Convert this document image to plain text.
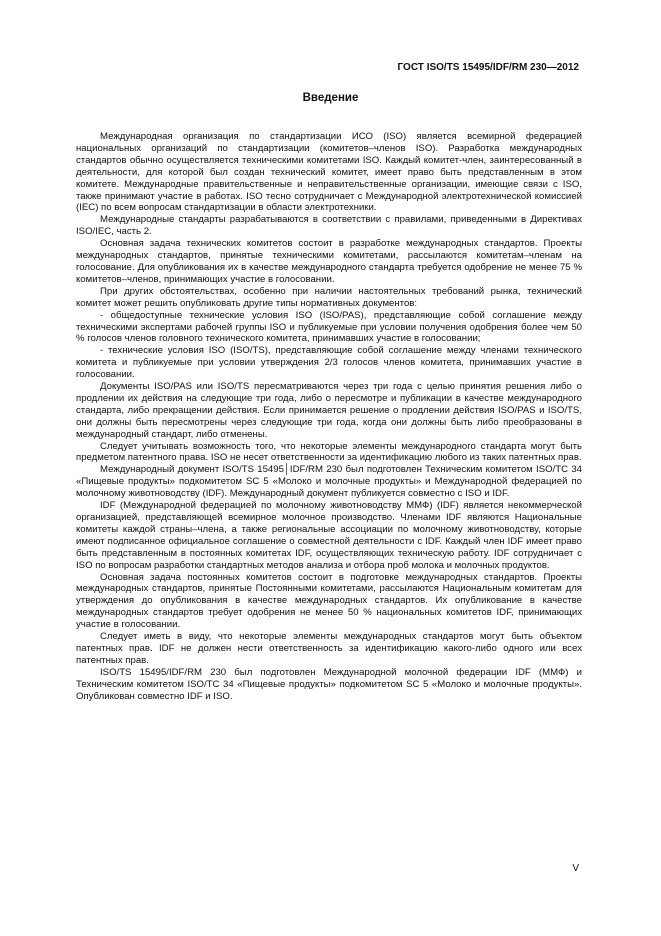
ГОСТ ISO/TS 15495/IDF/RM 230—2012
Введение

Международная организация по стандартизации ИСО (ISO) является всемирной федерацией национальных организаций по стандартизации (комитетов–членов ISO). Разработка международных стандартов обычно осуществляется техническими комитетами ISO. Каждый комитет-член, заинтересованный в деятельности, для которой был создан технический комитет, имеет право быть представленным в этом комитете. Международные правительственные и неправительственные организации, имеющие связи с ISO, также принимают участие в работах. ISO тесно сотрудничает с Международной электротехнической комиссией (IEC) по всем вопросам стандартизации в области электротехники.

Международные стандарты разрабатываются в соответствии с правилами, приведенными в Директивах ISO/IEC, часть 2.

Основная задача технических комитетов состоит в разработке международных стандартов. Проекты международных стандартов, принятые техническими комитетами, рассылаются комитетам–членам на голосование. Для опубликования их в качестве международного стандарта требуется одобрение не менее 75 % комитетов–членов, принимающих участие в голосовании.

При других обстоятельствах, особенно при наличии настоятельных требований рынка, технический комитет может решить опубликовать другие типы нормативных документов:

- общедоступные технические условия ISO (ISO/PAS), представляющие собой соглашение между техническими экспертами рабочей группы ISO и публикуемые при условии получения одобрения более чем 50 % голосов членов головного технического комитета, принимавших участие в голосовании;

- технические условия ISO (ISO/TS), представляющие собой соглашение между членами технического комитета и публикуемые при условии утверждения 2/3 голосов членов комитета, принимавших участие в голосовании.

Документы ISO/PAS или ISO/TS пересматриваются через три года с целью принятия решения либо о продлении их действия на следующие три года, либо о пересмотре и публикации в качестве международного стандарта, либо прекращении действия. Если принимается решение о продлении действия ISO/PAS и ISO/TS, они должны быть пересмотрены через следующие три года, когда они должны быть либо преобразованы в международный стандарт, либо отменены.

Следует учитывать возможность того, что некоторые элементы международного стандарта могут быть предметом патентного права. ISO не несет ответственности за идентификацию любого из таких патентных прав.

Международный документ ISO/TS 15495│IDF/RM 230 был подготовлен Техническим комитетом ISO/TC 34 «Пищевые продукты» подкомитетом SC 5 «Молоко и молочные продукты» и Международной федерацией по молочному животноводству (IDF). Международный документ публикуется совместно с ISO и IDF.

IDF (Международной федерацией по молочному животноводству ММФ) (IDF) является некоммерческой организацией, представляющей всемирное молочное производство. Членами IDF являются Национальные комитеты каждой страны–члена, а также региональные ассоциации по молочному животноводству, которые имеют подписанное официальное соглашение о совместной деятельности с IDF. Каждый член IDF имеет право быть представленным в постоянных комитетах IDF, осуществляющих техническую работу. IDF сотрудничает с ISO по вопросам разработки стандартных методов анализа и отбора проб молока и молочных продуктов.

Основная задача постоянных комитетов состоит в подготовке международных стандартов. Проекты международных стандартов, принятые Постоянными комитетами, рассылаются Национальным комитетам для утверждения до опубликования в качестве международных стандартов. Их опубликование в качестве международных стандартов требует одобрения не менее 50 % национальных комитетов IDF, принимающих участие в голосовании.

Следует иметь в виду, что некоторые элементы международных стандартов могут быть объектом патентных прав. IDF не должен нести ответственность за идентификацию какого-либо одного или всех патентных прав.

ISO/TS 15495/IDF/RM 230 был подготовлен Международной молочной федерации IDF (ММФ) и Техническим комитетом ISO/TC 34 «Пищевые продукты» подкомитетом SC 5 «Молоко и молочные продукты». Опубликован совместно IDF и ISO.

V
